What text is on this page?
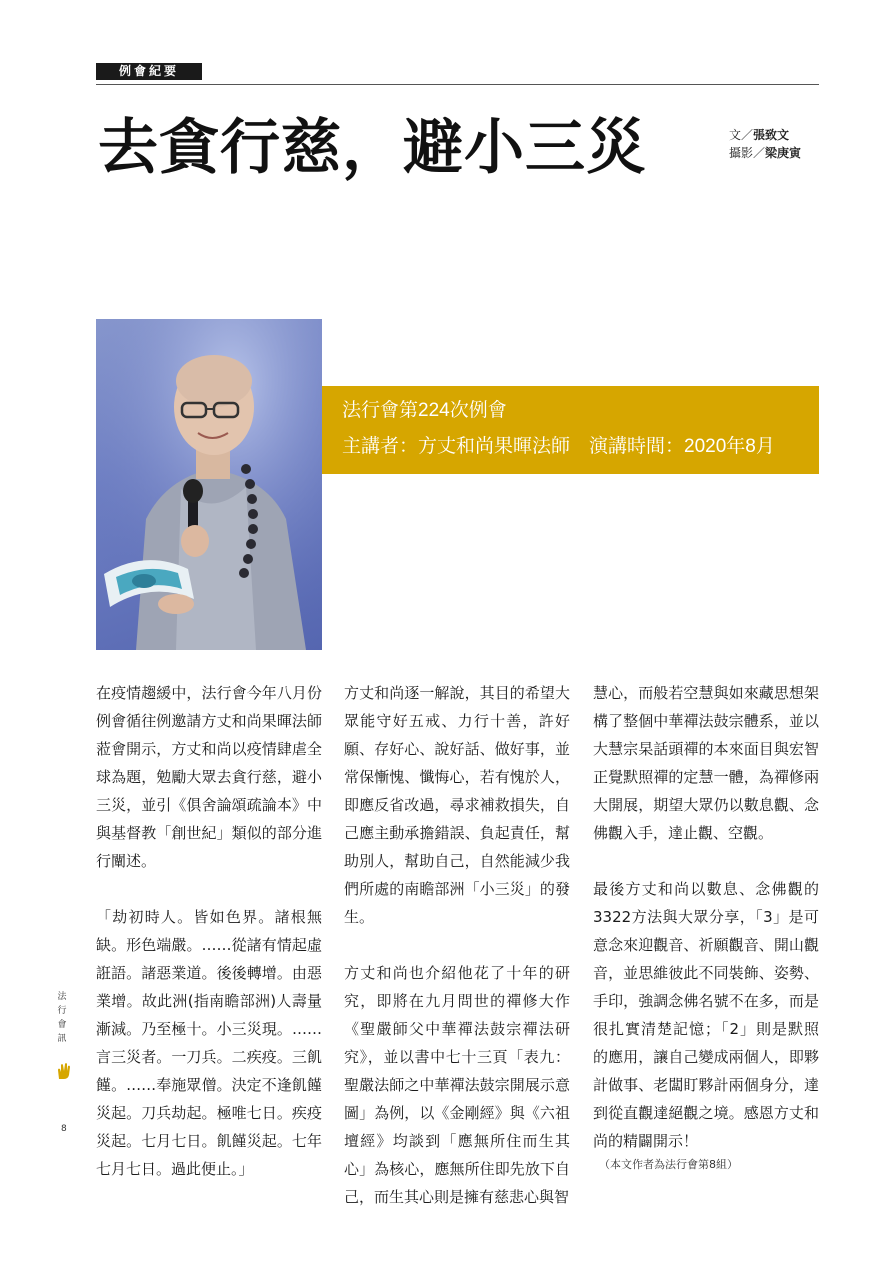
例會紀要
去貪行慈，避小三災	文／張致文
攝影／梁庚寅
法行會第224次例會
主講者：方丈和尚果暉法師　演講時間：2020年8月

在疫情趨緩中，法行會今年八月份例會循往例邀請方丈和尚果暉法師蒞會開示，方丈和尚以疫情肆虐全球為題，勉勵大眾去貪行慈，避小三災，並引《俱舍論頌疏論本》中與基督教「創世紀」類似的部分進行闡述。

「劫初時人。皆如色界。諸根無缺。形色端嚴。……從諸有情起虛誑語。諸惡業道。後後轉增。由惡業增。故此洲(指南瞻部洲)人壽量漸減。乃至極十。小三災現。……言三災者。一刀兵。二疾疫。三飢饉。……奉施眾僧。決定不逢飢饉災起。刀兵劫起。極唯七日。疾疫災起。七月七日。飢饉災起。七年七月七日。過此便止。」

方丈和尚逐一解說，其目的希望大眾能守好五戒、力行十善，許好願、存好心、說好話、做好事，並常保慚愧、懺悔心，若有愧於人，即應反省改過，尋求補救損失，自己應主動承擔錯誤、負起責任，幫助別人，幫助自己，自然能減少我們所處的南瞻部洲「小三災」的發生。

方丈和尚也介紹他花了十年的研究，即將在九月問世的禪修大作《聖嚴師父中華禪法鼓宗禪法研究》，並以書中七十三頁「表九：聖嚴法師之中華禪法鼓宗開展示意圖」為例，以《金剛經》與《六祖壇經》均談到「應無所住而生其心」為核心，應無所住即先放下自己，而生其心則是擁有慈悲心與智

慧心，而般若空慧與如來藏思想架構了整個中華禪法鼓宗體系，並以大慧宗杲話頭禪的本來面目與宏智正覺默照禪的定慧一體，為禪修兩大開展，期望大眾仍以數息觀、念佛觀入手，達止觀、空觀。

最後方丈和尚以數息、念佛觀的3322方法與大眾分享，「3」是可意念來迎觀音、祈願觀音、開山觀音，並思維彼此不同裝飾、姿勢、手印，強調念佛名號不在多，而是很扎實清楚記憶；「2」則是默照的應用，讓自己變成兩個人，即夥計做事、老闆盯夥計兩個身分，達到從直觀達絕觀之境。感恩方丈和尚的精闢開示！

（本文作者為法行會第8組）

法行會訊
8
